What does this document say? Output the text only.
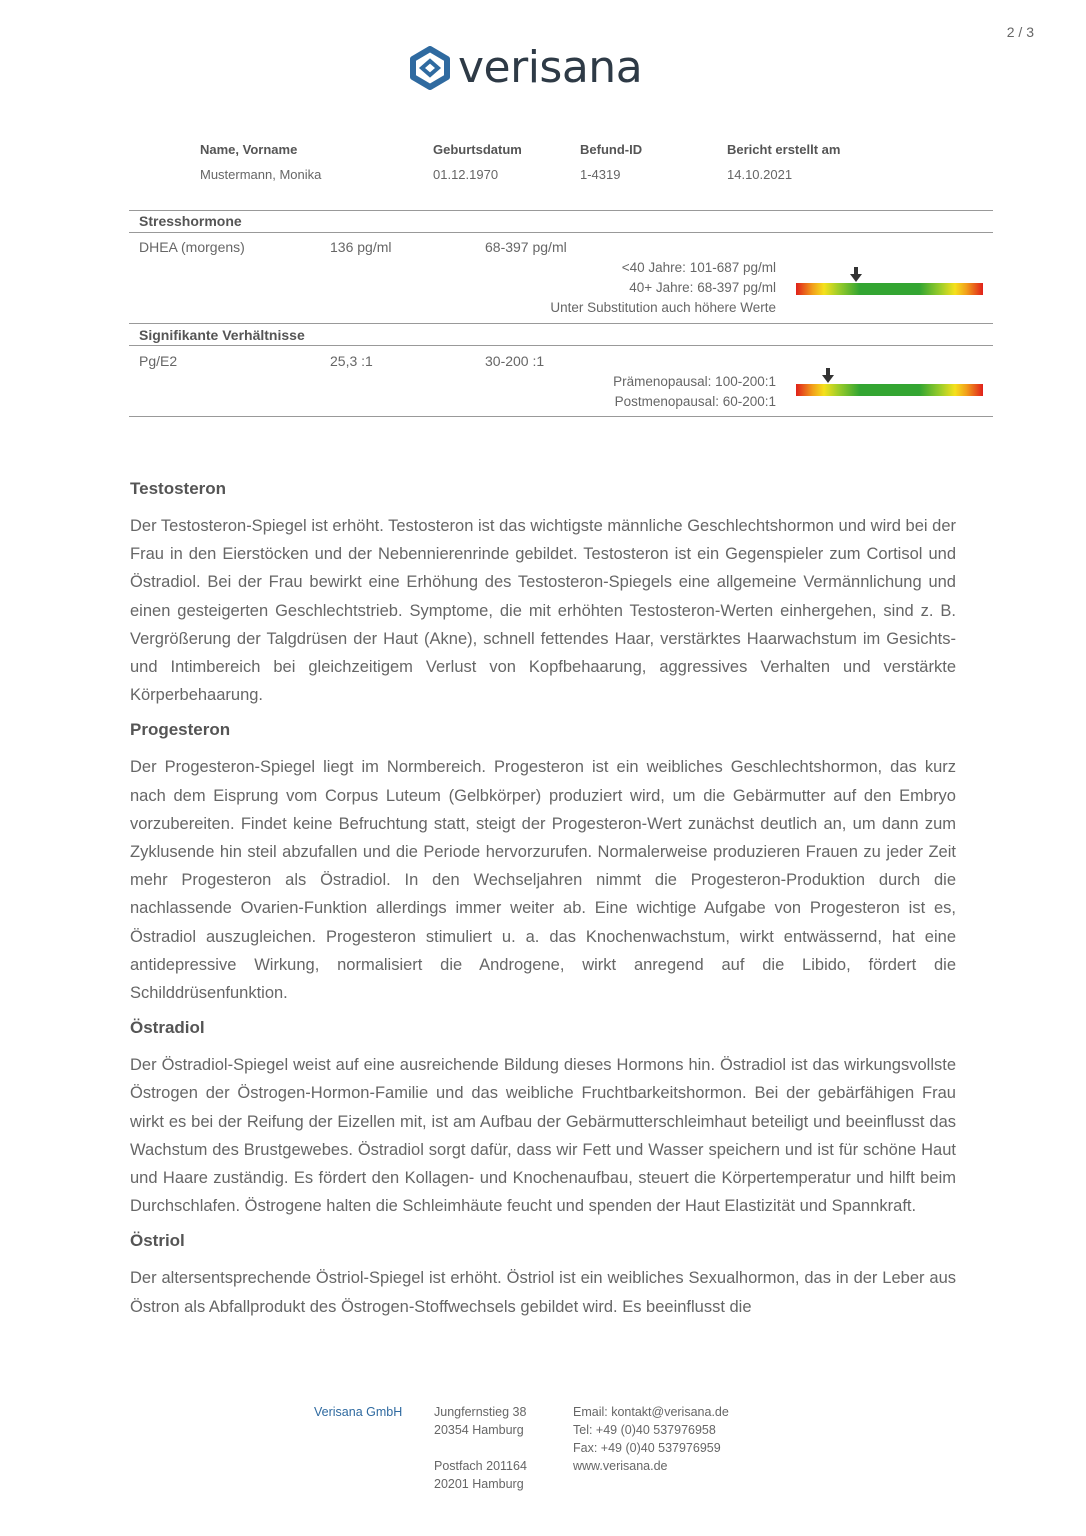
2 / 3
verisana
Name, Vorname	Geburtsdatum	Befund-ID	Bericht erstellt am
Mustermann, Monika	01.12.1970	1-4319	14.10.2021
Stresshormone
DHEA (morgens)	136 pg/ml	68-397 pg/ml
<40 Jahre: 101-687 pg/ml
40+ Jahre: 68-397 pg/ml
Unter Substitution auch höhere Werte
Signifikante Verhältnisse
Pg/E2	25,3 :1	30-200 :1
Prämenopausal: 100-200:1
Postmenopausal: 60-200:1
Testosteron

Der Testosteron-Spiegel ist erhöht. Testosteron ist das wichtigste männliche Geschlechtshormon und wird bei der Frau in den Eierstöcken und der Nebennierenrinde gebildet. Testosteron ist ein Gegenspieler zum Cortisol und Östradiol. Bei der Frau bewirkt eine Erhöhung des Testosteron-Spiegels eine allgemeine Vermännlichung und einen gesteigerten Geschlechtstrieb. Symptome, die mit erhöhten Testosteron-Werten einhergehen, sind z. B. Vergrößerung der Talgdrüsen der Haut (Akne), schnell fettendes Haar, verstärktes Haarwachstum im Gesichts- und Intimbereich bei gleichzeitigem Verlust von Kopfbehaarung, aggressives Verhalten und verstärkte Körperbehaarung.

Progesteron

Der Progesteron-Spiegel liegt im Normbereich. Progesteron ist ein weibliches Geschlechtshormon, das kurz nach dem Eisprung vom Corpus Luteum (Gelbkörper) produziert wird, um die Gebärmutter auf den Embryo vorzubereiten. Findet keine Befruchtung statt, steigt der Progesteron-Wert zunächst deutlich an, um dann zum Zyklusende hin steil abzufallen und die Periode hervorzurufen. Normalerweise produzieren Frauen zu jeder Zeit mehr Progesteron als Östradiol. In den Wechseljahren nimmt die Progesteron-Produktion durch die nachlassende Ovarien-Funktion allerdings immer weiter ab. Eine wichtige Aufgabe von Progesteron ist es, Östradiol auszugleichen. Progesteron stimuliert u. a. das Knochenwachstum, wirkt entwässernd, hat eine antidepressive Wirkung, normalisiert die Androgene, wirkt anregend auf die Libido, fördert die Schilddrüsenfunktion.

Östradiol

Der Östradiol-Spiegel weist auf eine ausreichende Bildung dieses Hormons hin. Östradiol ist das wirkungsvollste Östrogen der Östrogen-Hormon-Familie und das weibliche Fruchtbarkeitshormon. Bei der gebärfähigen Frau wirkt es bei der Reifung der Eizellen mit, ist am Aufbau der Gebärmutterschleimhaut beteiligt und beeinflusst das Wachstum des Brustgewebes. Östradiol sorgt dafür, dass wir Fett und Wasser speichern und ist für schöne Haut und Haare zuständig. Es fördert den Kollagen- und Knochenaufbau, steuert die Körpertemperatur und hilft beim Durchschlafen. Östrogene halten die Schleimhäute feucht und spenden der Haut Elastizität und Spannkraft.

Östriol

Der altersentsprechende Östriol-Spiegel ist erhöht. Östriol ist ein weibliches Sexualhormon, das in der Leber aus Östron als Abfallprodukt des Östrogen-Stoffwechsels gebildet wird. Es beeinflusst die

Verisana GmbH	Jungfernstieg 38
20354 Hamburg
Postfach 201164
20201 Hamburg
Email: kontakt@verisana.de
Tel: +49 (0)40 537976958
Fax: +49 (0)40 537976959
www.verisana.de
